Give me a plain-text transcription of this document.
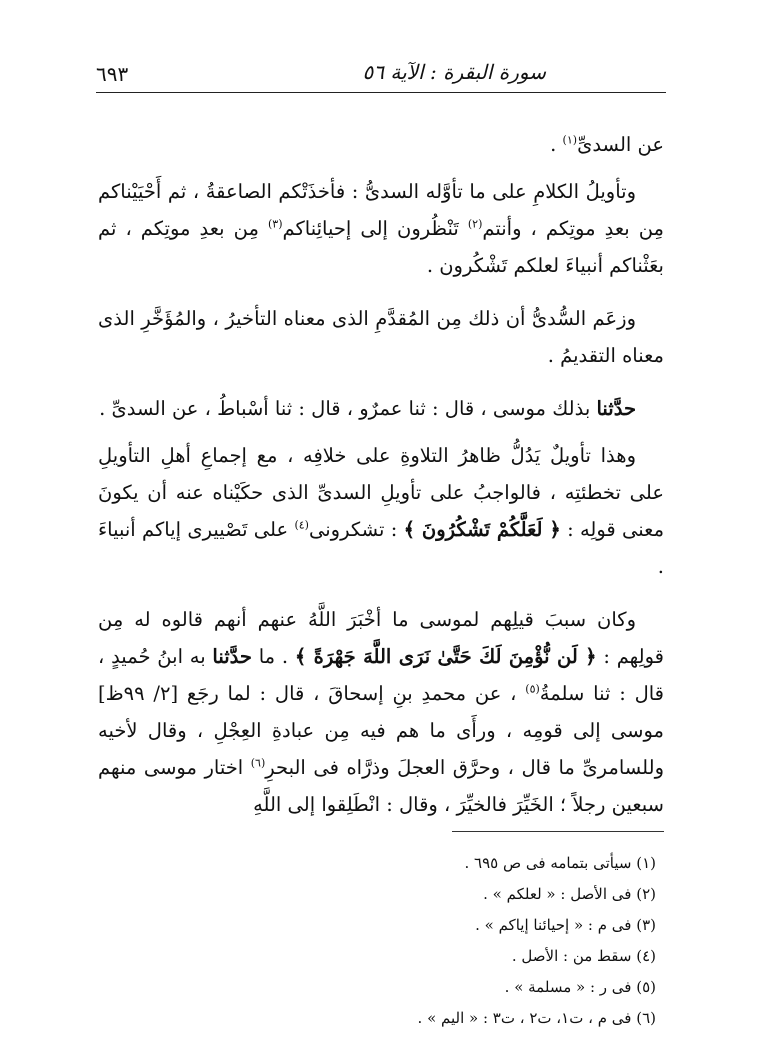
٦٩٣	سورة البقرة : الآية ٥٦

عن السدىِّ$^{(١)}$ .

وتأويلُ الكلامِ على ما تأوَّله السدىُّ : فأخذَتْكم الصاعقةُ ، ثم أَحْيَيْناكم مِن بعدِ موتِكم ، وأنتم$^{(٢)}$ تَنْظُرون إلى إحيائِناكم$^{(٣)}$ مِن بعدِ موتِكم ، ثم بعَثْناكم أنبياءَ لعلكم تَشْكُرون .

وزعَم السُّدىُّ أن ذلك مِن المُقدَّمِ الذى معناه التأخيرُ ، والمُؤَخَّرِ الذى معناه التقديمُ .

حدَّثنا بذلك موسى ، قال : ثنا عمرٌو ، قال : ثنا أسْباطُ ، عن السدىِّ .

وهذا تأويلٌ يَدُلُّ ظاهرُ التلاوةِ على خلافِه ، مع إجماعِ أهلِ التأويلِ على تخطئتِه ، فالواجبُ على تأويلِ السدىِّ الذى حكَيْناه عنه أن يكونَ معنى قولِه : ﴿ لَعَلَّكُمْ تَشْكُرُونَ ﴾ : تشكرونى$^{(٤)}$ على تَصْييرى إياكم أنبياءَ .

وكان سببَ قيلِهم لموسى ما أخْبَرَ اللَّهُ عنهم أنهم قالوه له مِن قولِهم : ﴿ لَن نُّؤْمِنَ لَكَ حَتَّىٰ نَرَى اللَّهَ جَهْرَةً ﴾ . ما حدَّثنا به ابنُ حُميدٍ ، قال : ثنا سلمةُ$^{(٥)}$ ، عن محمدِ بنِ إسحاقَ ، قال : لما رجَع [٢/ ٩٩ظ] موسى إلى قومِه ، ورأَى ما هم فيه مِن عبادةِ العِجْلِ ، وقال لأخيه وللسامرىِّ ما قال ، وحرَّق العجلَ وذرَّاه فى البحرِ$^{(٦)}$ اختار موسى منهم سبعين رجلاً ؛ الخَيِّرَ فالخيِّرَ ، وقال : انْطَلِقوا إلى اللَّهِ

(١) سيأتى بتمامه فى ص ٦٩٥ .

(٢) فى الأصل : « لعلكم » .

(٣) فى م : « إحيائنا إياكم » .

(٤) سقط من : الأصل .

(٥) فى ر : « مسلمة » .

(٦) فى م ، ت١، ت٢ ، ت٣ : « اليم » .
